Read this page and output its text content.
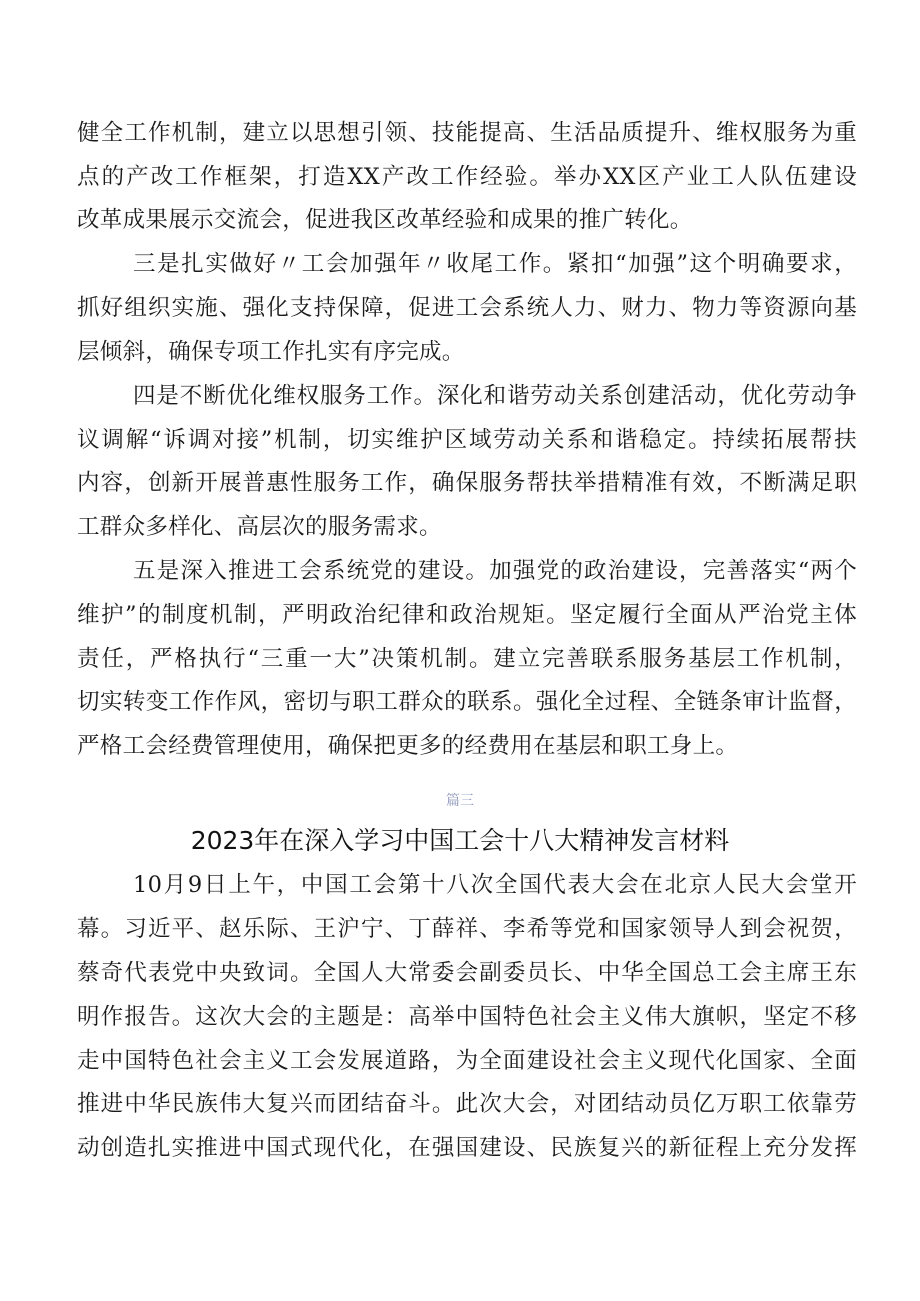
健全工作机制，建立以思想引领、技能提高、生活品质提升、维权服务为重
点的产改工作框架，打造XX产改工作经验。举办XX区产业工人队伍建设
改革成果展示交流会，促进我区改革经验和成果的推广转化。
三是扎实做好〃工会加强年〃收尾工作。紧扣“加强”这个明确要求，
抓好组织实施、强化支持保障，促进工会系统人力、财力、物力等资源向基
层倾斜，确保专项工作扎实有序完成。
四是不断优化维权服务工作。深化和谐劳动关系创建活动，优化劳动争
议调解“诉调对接”机制，切实维护区域劳动关系和谐稳定。持续拓展帮扶
内容，创新开展普惠性服务工作，确保服务帮扶举措精准有效，不断满足职
工群众多样化、高层次的服务需求。
五是深入推进工会系统党的建设。加强党的政治建设，完善落实“两个
维护”的制度机制，严明政治纪律和政治规矩。坚定履行全面从严治党主体
责任，严格执行“三重一大”决策机制。建立完善联系服务基层工作机制，
切实转变工作作风，密切与职工群众的联系。强化全过程、全链条审计监督，
严格工会经费管理使用，确保把更多的经费用在基层和职工身上。
篇三
2023年在深入学习中国工会十八大精神发言材料
10月9日上午，中国工会第十八次全国代表大会在北京人民大会堂开
幕。习近平、赵乐际、王沪宁、丁薛祥、李希等党和国家领导人到会祝贺，
蔡奇代表党中央致词。全国人大常委会副委员长、中华全国总工会主席王东
明作报告。这次大会的主题是：高举中国特色社会主义伟大旗帜，坚定不移
走中国特色社会主义工会发展道路，为全面建设社会主义现代化国家、全面
推进中华民族伟大复兴而团结奋斗。此次大会，对团结动员亿万职工依靠劳
动创造扎实推进中国式现代化，在强国建设、民族复兴的新征程上充分发挥
